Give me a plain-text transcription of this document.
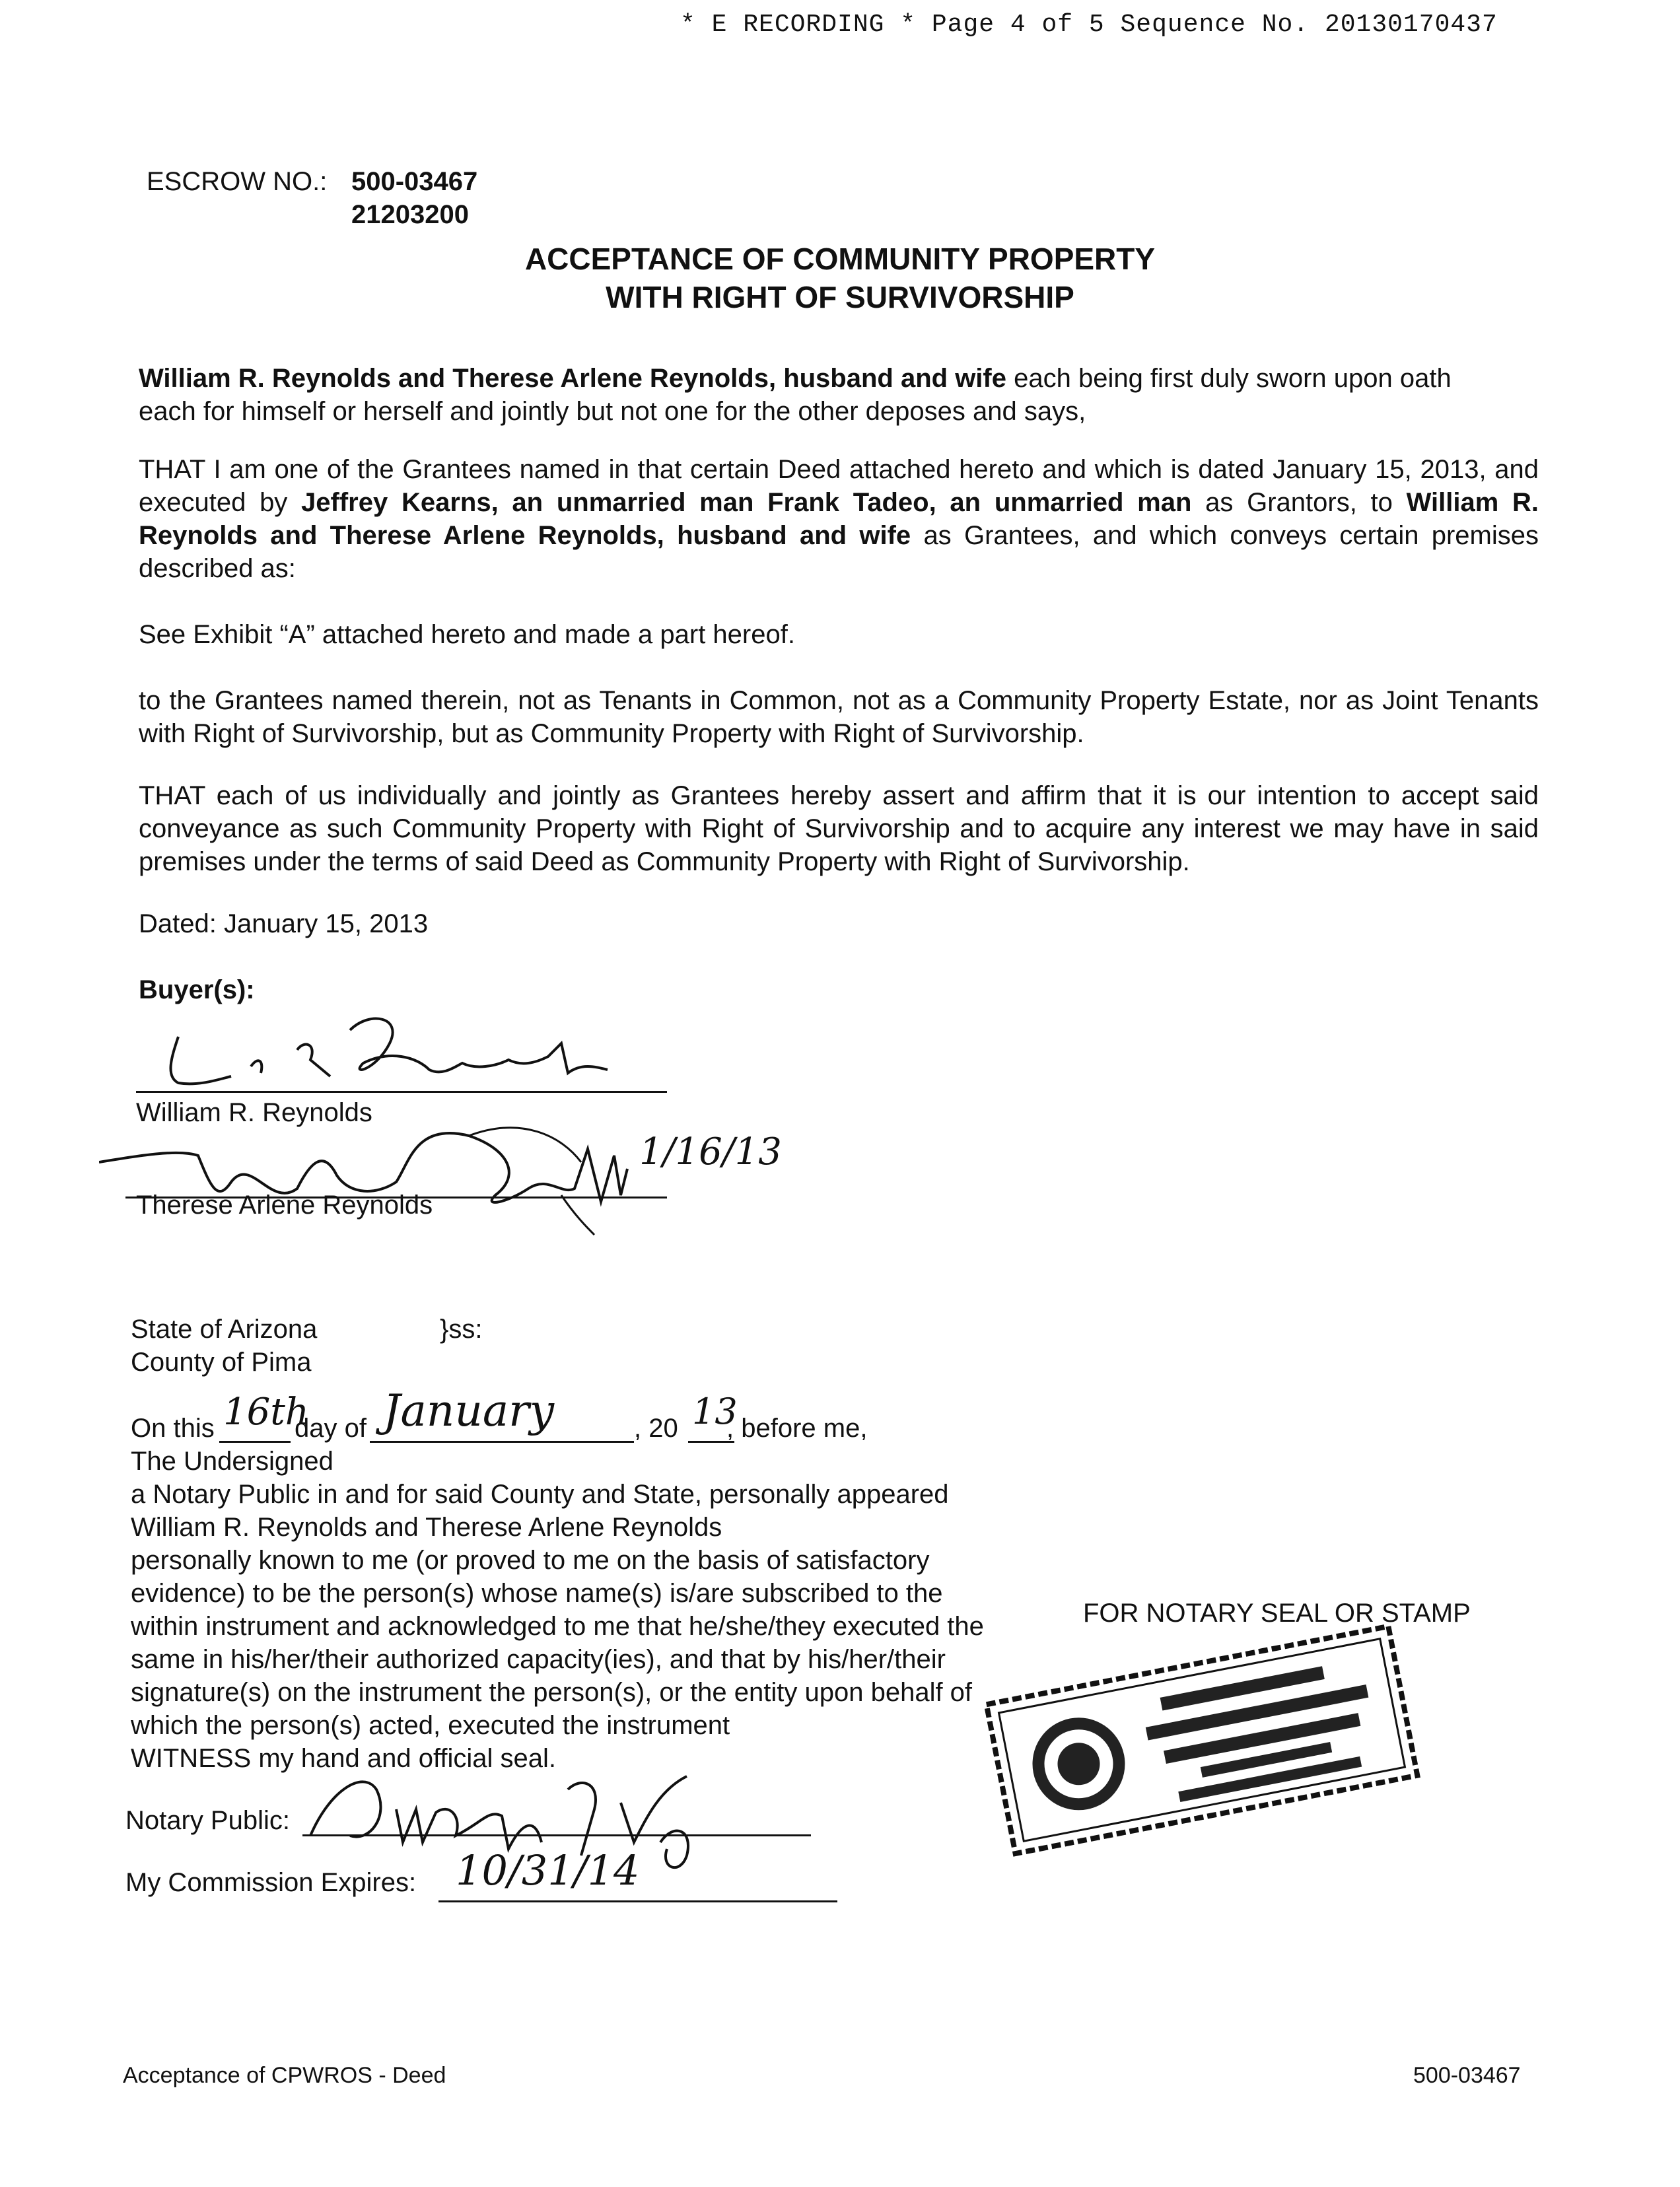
* E RECORDING * Page 4 of 5 Sequence No. 20130170437
ESCROW NO.: 500-03467
21203200
ACCEPTANCE OF COMMUNITY PROPERTY
WITH RIGHT OF SURVIVORSHIP
William R. Reynolds and Therese Arlene Reynolds, husband and wife each being first duly sworn upon oath
each for himself or herself and jointly but not one for the other deposes and says,
THAT I am one of the Grantees named in that certain Deed attached hereto and which is dated January 15, 2013, and executed by Jeffrey Kearns, an unmarried man Frank Tadeo, an unmarried man as Grantors, to William R. Reynolds and Therese Arlene Reynolds, husband and wife as Grantees, and which conveys certain premises described as:
See Exhibit “A” attached hereto and made a part hereof.
to the Grantees named therein, not as Tenants in Common, not as a Community Property Estate, nor as Joint Tenants with Right of Survivorship, but as Community Property with Right of Survivorship.
THAT each of us individually and jointly as Grantees hereby assert and affirm that it is our intention to accept said conveyance as such Community Property with Right of Survivorship and to acquire any interest we may have in said premises under the terms of said Deed as Community Property with Right of Survivorship.
Dated: January 15, 2013
Buyer(s):
William R. Reynolds
1/16/13
Therese Arlene Reynolds
State of Arizona	}ss:
County of Pima
On this 16th
day of January	, 20 13
, before me,
The Undersigned
a Notary Public in and for said County and State, personally appeared
William R. Reynolds and Therese Arlene Reynolds
personally known to me (or proved to me on the basis of satisfactory
evidence) to be the person(s) whose name(s) is/are subscribed to the
within instrument and acknowledged to me that he/she/they executed the
same in his/her/their authorized capacity(ies), and that by his/her/their
signature(s) on the instrument the person(s), or the entity upon behalf of
which the person(s) acted, executed the instrument
WITNESS my hand and official seal.
Notary Public:
My Commission Expires: 10/31/14
FOR NOTARY SEAL OR STAMP
Acceptance of CPWROS - Deed	500-03467
